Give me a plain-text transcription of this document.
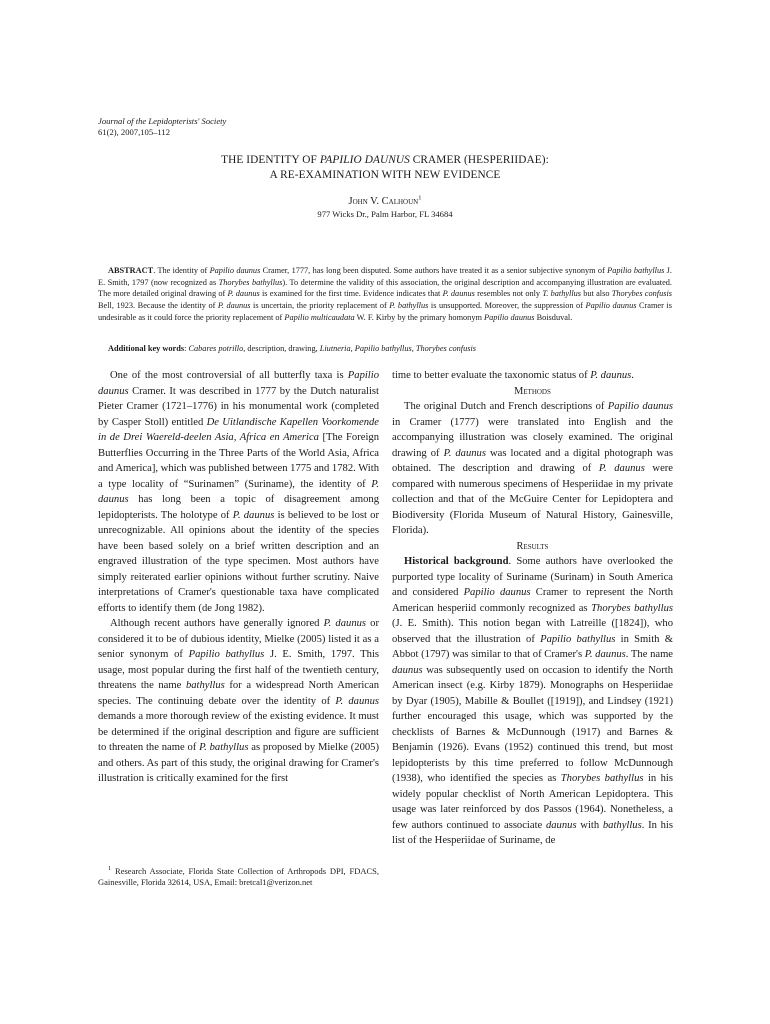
Journal of the Lepidopterists' Society
61(2), 2007,105–112
THE IDENTITY OF PAPILIO DAUNUS CRAMER (HESPERIIDAE):
A RE-EXAMINATION WITH NEW EVIDENCE
John V. Calhoun$^1$
977 Wicks Dr., Palm Harbor, FL 34684

ABSTRACT. The identity of Papilio daunus Cramer, 1777, has long been disputed. Some authors have treated it as a senior subjective synonym of Papilio bathyllus J. E. Smith, 1797 (now recognized as Thorybes bathyllus). To determine the validity of this association, the original description and accompanying illustration are evaluated. The more detailed original drawing of P. daunus is examined for the first time. Evidence indicates that P. daunus resembles not only T. bathyllus but also Thorybes confusis Bell, 1923. Because the identity of P. daunus is uncertain, the priority replacement of P. bathyllus is unsupported. Moreover, the suppression of Papilio daunus Cramer is undesirable as it could force the priority replacement of Papilio multicaudata W. F. Kirby by the primary homonym Papilio daunus Boisduval.

Additional key words: Cabares potrillo, description, drawing, Liutneria, Papilio bathyllus, Thorybes confusis

One of the most controversial of all butterfly taxa is Papilio daunus Cramer. It was described in 1777 by the Dutch naturalist Pieter Cramer (1721–1776) in his monumental work (completed by Casper Stoll) entitled De Uitlandische Kapellen Voorkomende in de Drei Waereld-deelen Asia, Africa en America [The Foreign Butterflies Occurring in the Three Parts of the World Asia, Africa and America], which was published between 1775 and 1782. With a type locality of “Surinamen” (Suriname), the identity of P. daunus has long been a topic of disagreement among lepidopterists. The holotype of P. daunus is believed to be lost or unrecognizable. All opinions about the identity of the species have been based solely on a brief written description and an engraved illustration of the type specimen. Most authors have simply reiterated earlier opinions without further scrutiny. Naive interpretations of Cramer's questionable taxa have complicated efforts to identify them (de Jong 1982).

Although recent authors have generally ignored P. daunus or considered it to be of dubious identity, Mielke (2005) listed it as a senior synonym of Papilio bathyllus J. E. Smith, 1797. This usage, most popular during the first half of the twentieth century, threatens the name bathyllus for a widespread North American species. The continuing debate over the identity of P. daunus demands a more thorough review of the existing evidence. It must be determined if the original description and figure are sufficient to threaten the name of P. bathyllus as proposed by Mielke (2005) and others. As part of this study, the original drawing for Cramer's illustration is critically examined for the first

$^1$ Research Associate, Florida State Collection of Arthropods DPI, FDACS, Gainesville, Florida 32614, USA, Email: bretcal1@verizon.net

time to better evaluate the taxonomic status of P. daunus.

Methods

The original Dutch and French descriptions of Papilio daunus in Cramer (1777) were translated into English and the accompanying illustration was closely examined. The original drawing of P. daunus was located and a digital photograph was obtained. The description and drawing of P. daunus were compared with numerous specimens of Hesperiidae in my private collection and that of the McGuire Center for Lepidoptera and Biodiversity (Florida Museum of Natural History, Gainesville, Florida).

Results

Historical background. Some authors have overlooked the purported type locality of Suriname (Surinam) in South America and considered Papilio daunus Cramer to represent the North American hesperiid commonly recognized as Thorybes bathyllus (J. E. Smith). This notion began with Latreille ([1824]), who observed that the illustration of Papilio bathyllus in Smith & Abbot (1797) was similar to that of Cramer's P. daunus. The name daunus was subsequently used on occasion to identify the North American insect (e.g. Kirby 1879). Monographs on Hesperiidae by Dyar (1905), Mabille & Boullet ([1919]), and Lindsey (1921) further encouraged this usage, which was supported by the checklists of Barnes & McDunnough (1917) and Barnes & Benjamin (1926). Evans (1952) continued this trend, but most lepidopterists by this time preferred to follow McDunnough (1938), who identified the species as Thorybes bathyllus in his widely popular checklist of North American Lepidoptera. This usage was later reinforced by dos Passos (1964). Nonetheless, a few authors continued to associate daunus with bathyllus. In his list of the Hesperiidae of Suriname, de
